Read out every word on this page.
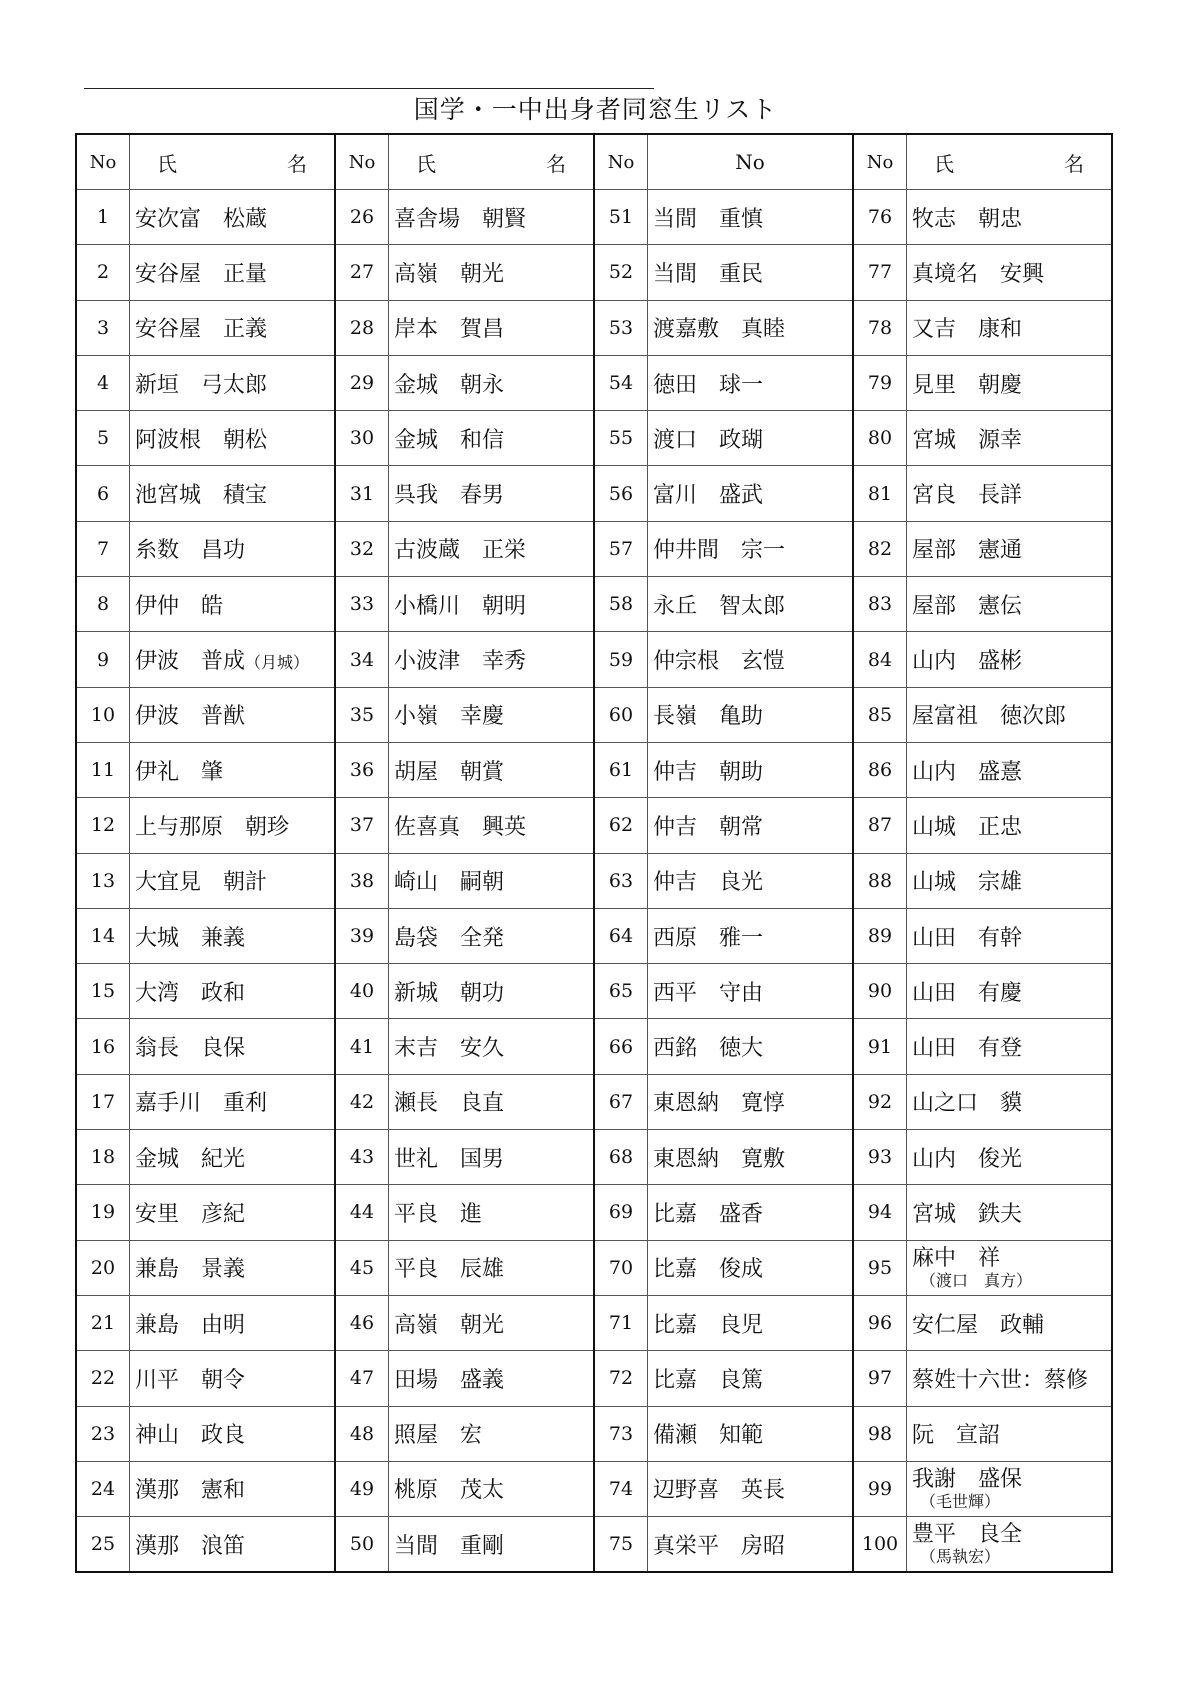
国学・一中出身者同窓生リスト
No	氏　　名	No	氏　　名	No	No	No	氏　　名
1	安次富　松蔵	26	喜舎場　朝賢	51	当間　重慎	76	牧志　朝忠
2	安谷屋　正量	27	高嶺　朝光	52	当間　重民	77	真境名　安興
3	安谷屋　正義	28	岸本　賀昌	53	渡嘉敷　真睦	78	又吉　康和
4	新垣　弓太郎	29	金城　朝永	54	徳田　球一	79	見里　朝慶
5	阿波根　朝松	30	金城　和信	55	渡口　政瑚	80	宮城　源幸
6	池宮城　積宝	31	呉我　春男	56	富川　盛武	81	宮良　長詳
7	糸数　昌功	32	古波蔵　正栄	57	仲井間　宗一	82	屋部　憲通
8	伊仲　皓	33	小橋川　朝明	58	永丘　智太郎	83	屋部　憲伝
9	伊波　普成（月城）	34	小波津　幸秀	59	仲宗根　玄愷	84	山内　盛彬
10	伊波　普猷	35	小嶺　幸慶	60	長嶺　亀助	85	屋富祖　徳次郎
11	伊礼　肇	36	胡屋　朝賞	61	仲吉　朝助	86	山内　盛憙
12	上与那原　朝珍	37	佐喜真　興英	62	仲吉　朝常	87	山城　正忠
13	大宜見　朝計	38	崎山　嗣朝	63	仲吉　良光	88	山城　宗雄
14	大城　兼義	39	島袋　全発	64	西原　雅一	89	山田　有幹
15	大湾　政和	40	新城　朝功	65	西平　守由	90	山田　有慶
16	翁長　良保	41	末吉　安久	66	西銘　徳大	91	山田　有登
17	嘉手川　重利	42	瀬長　良直	67	東恩納　寛惇	92	山之口　貘
18	金城　紀光	43	世礼　国男	68	東恩納　寛敷	93	山内　俊光
19	安里　彦紀	44	平良　進	69	比嘉　盛香	94	宮城　鉄夫
20	兼島　景義	45	平良　辰雄	70	比嘉　俊成	95	麻中　祥
（渡口　真方）

21	兼島　由明	46	高嶺　朝光	71	比嘉　良児	96	安仁屋　政輔
22	川平　朝令	47	田場　盛義	72	比嘉　良篤	97	蔡姓十六世：蔡修
23	神山　政良	48	照屋　宏	73	備瀬　知範	98	阮　宣詔
24	漢那　憲和	49	桃原　茂太	74	辺野喜　英長	99	我謝　盛保
（毛世輝）

25	漢那　浪笛	50	当間　重剛	75	真栄平　房昭	100	豊平　良全
（馬執宏）
